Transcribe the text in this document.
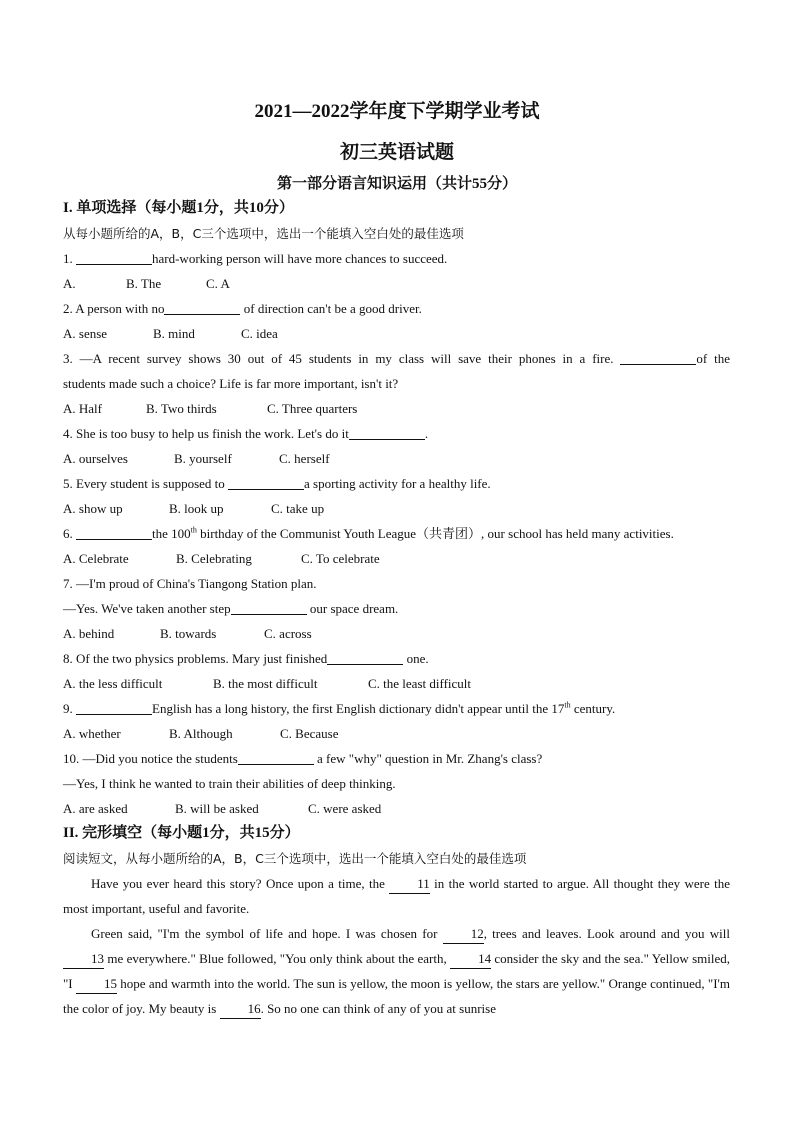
2021—2022学年度下学期学业考试
初三英语试题
第一部分语言知识运用（共计55分）
I. 单项选择（每小题1分，共10分）
从每小题所给的A，B，C三个选项中，选出一个能填入空白处的最佳选项
1.	hard-working person will have more chances to succeed.
A.	B. The	C. A
2. A person with no	of direction can't be a good driver.
A. sense	B. mind	C. idea
3. —A recent survey shows 30 out of 45 students in my class will save their phones in a fire.	of the
students made such a choice? Life is far more important, isn't it?
A. Half	B. Two thirds	C. Three quarters
4. She is too busy to help us finish the work. Let's do it	.
A. ourselves	B. yourself	C. herself
5. Every student is supposed to	a sporting activity for a healthy life.
A. show up	B. look up	C. take up
6.	the 100th birthday of the Communist Youth League（共青团）, our school has held many activities.
A. Celebrate	B. Celebrating	C. To celebrate
7. —I'm proud of China's Tiangong Station plan.
—Yes. We've taken another step	our space dream.
A. behind	B. towards	C. across
8. Of the two physics problems. Mary just finished	one.
A. the less difficult	B. the most difficult	C. the least difficult
9.	English has a long history, the first English dictionary didn't appear until the 17th century.
A. whether	B. Although	C. Because
10. —Did you notice the students	a few "why" question in Mr. Zhang's class?
—Yes, I think he wanted to train their abilities of deep thinking.
A. are asked	B. will be asked	C. were asked
II. 完形填空（每小题1分，共15分）
阅读短文，从每小题所给的A，B，C三个选项中，选出一个能填入空白处的最佳选项
Have you ever heard this story? Once upon a time, the 11 in the world started to argue. All thought they were the most important, useful and favorite.
Green said, "I'm the symbol of life and hope. I was chosen for 12, trees and leaves. Look around and you will 13 me everywhere." Blue followed, "You only think about the earth, 14 consider the sky and the sea." Yellow smiled, "I 15 hope and warmth into the world. The sun is yellow, the moon is yellow, the stars are yellow." Orange continued, "I'm the color of joy. My beauty is 16. So no one can think of any of you at sunrise
